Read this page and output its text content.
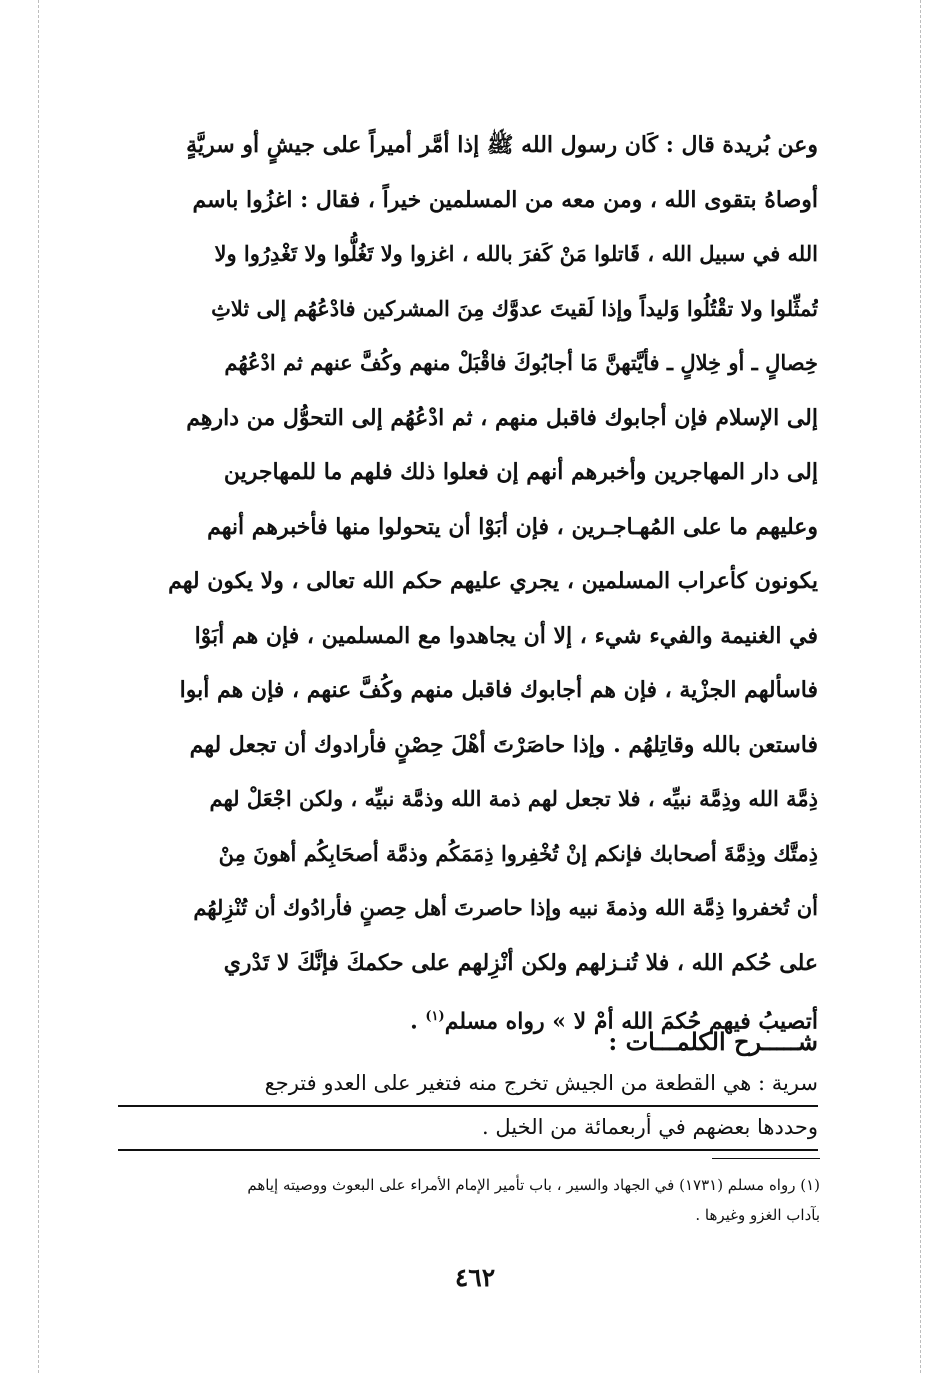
وعن بُريدة قال : كَان رسول الله ﷺ إذا أمَّر أميراً على جيشٍ أو سريَّةٍ
أوصاهُ بتقوى الله ، ومن معه من المسلمين خيراً ، فقال : اغزُوا باسم
الله في سبيل الله ، قَاتلوا مَنْ كَفرَ بالله ، اغزوا ولا تَغُلُّوا ولا تَغْدِرُوا ولا
تُمثِّلوا ولا تقْتُلُوا وَليداً وإذا لَقيتَ عدوَّك مِنَ المشركين فادْعُهُم إلى ثلاثِ
خِصالٍ ـ أو خِلالٍ ـ فأيَّتهنَّ مَا أجابُوكَ فاقْبَلْ منهم وكُفَّ عنهم ثم ادْعُهُم
إلى الإسلام فإن أجابوك فاقبل منهم ، ثم ادْعُهُم إلى التحوُّل من دارهِم
إلى دار المهاجرين وأخبرهم أنهم إن فعلوا ذلك فلهم ما للمهاجرين
وعليهم ما على المُهـاجـرين ، فإن أبَوْا أن يتحولوا منها فأخبرهم أنهم
يكونون كأعراب المسلمين ، يجري عليهم حكم الله تعالى ، ولا يكون لهم
في الغنيمة والفيء شيء ، إلا أن يجاهدوا مع المسلمين ، فإن هم أبَوْا
فاسألهم الجزْية ، فإن هم أجابوك فاقبل منهم وكُفَّ عنهم ، فإن هم أبوا
فاستعن بالله وقاتِلهُم . وإذا حاصَرْتَ أهْلَ حِصْنٍ فأرادوك أن تجعل لهم
ذِمَّة الله وذِمَّة نبيِّه ، فلا تجعل لهم ذمة الله وذمَّة نبيِّه ، ولكن اجْعَلْ لهم
ذِمتَّك وذِمَّةَ أصحابك فإنكم إنْ تُخْفِروا ذِمَمَكُم وذمَّة أصحَابِكُم أهونَ مِنْ
أن تُخفروا ذِمَّة الله وذمةَ نبيه وإذا حاصرتَ أهل حِصنٍ فأرادُوك أن تُنْزِلهُم
على حُكم الله ، فلا تُنـزلهم ولكن أنْزِلهم على حكمكَ فإنَّكَ لا تَدْري
أتصيبُ فيهم حُكمَ الله أمْ لا » رواه مسلم$^{(١)}$ .
شـــــرح الكلمـــات :
سرية : هي القطعة من الجيش تخرج منه فتغير على العدو فترجع
وحددها بعضهم في أربعمائة من الخيل .
(١) رواه مسلم (١٧٣١) في الجهاد والسير ، باب تأمير الإمام الأمراء على البعوث ووصيته إياهم
بآداب الغزو وغيرها .
٤٦٢
